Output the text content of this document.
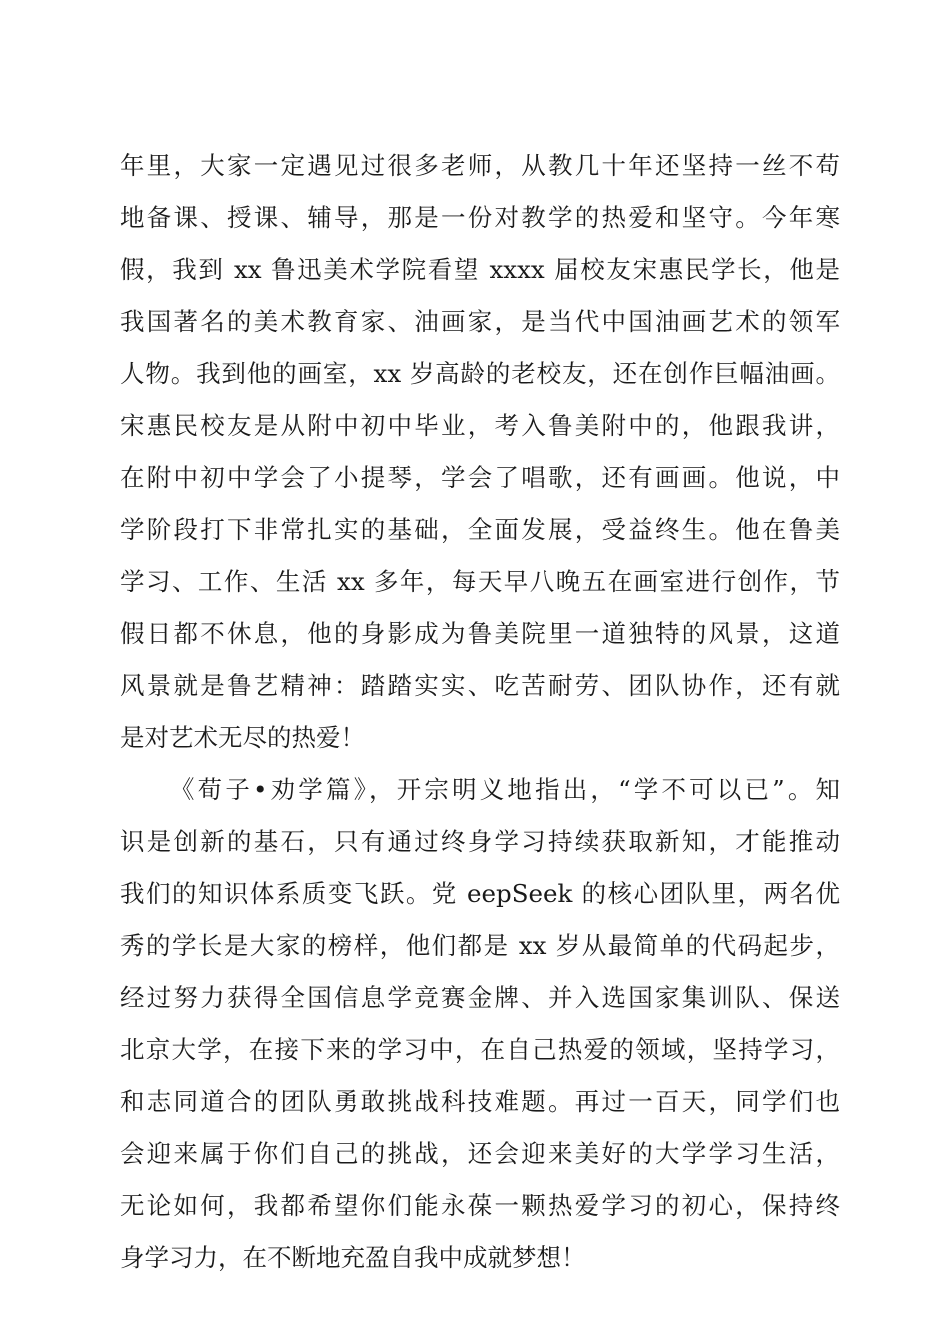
年里，大家一定遇见过很多老师，从教几十年还坚持一丝不苟
地备课、授课、辅导，那是一份对教学的热爱和坚守。今年寒
假，我到 xx 鲁迅美术学院看望 xxxx 届校友宋惠民学长，他是
我国著名的美术教育家、油画家，是当代中国油画艺术的领军
人物。我到他的画室，xx 岁高龄的老校友，还在创作巨幅油画。
宋惠民校友是从附中初中毕业，考入鲁美附中的，他跟我讲，
在附中初中学会了小提琴，学会了唱歌，还有画画。他说，中
学阶段打下非常扎实的基础，全面发展，受益终生。他在鲁美
学习、工作、生活 xx 多年，每天早八晚五在画室进行创作，节
假日都不休息，他的身影成为鲁美院里一道独特的风景，这道
风景就是鲁艺精神：踏踏实实、吃苦耐劳、团队协作，还有就
是对艺术无尽的热爱！
《荀子•劝学篇》，开宗明义地指出，“学不可以已”。知
识是创新的基石，只有通过终身学习持续获取新知，才能推动
我们的知识体系质变飞跃。党 eepSeek 的核心团队里，两名优
秀的学长是大家的榜样，他们都是 xx 岁从最简单的代码起步，
经过努力获得全国信息学竞赛金牌、并入选国家集训队、保送
北京大学，在接下来的学习中，在自己热爱的领域，坚持学习，
和志同道合的团队勇敢挑战科技难题。再过一百天，同学们也
会迎来属于你们自己的挑战，还会迎来美好的大学学习生活，
无论如何，我都希望你们能永葆一颗热爱学习的初心，保持终
身学习力，在不断地充盈自我中成就梦想！
